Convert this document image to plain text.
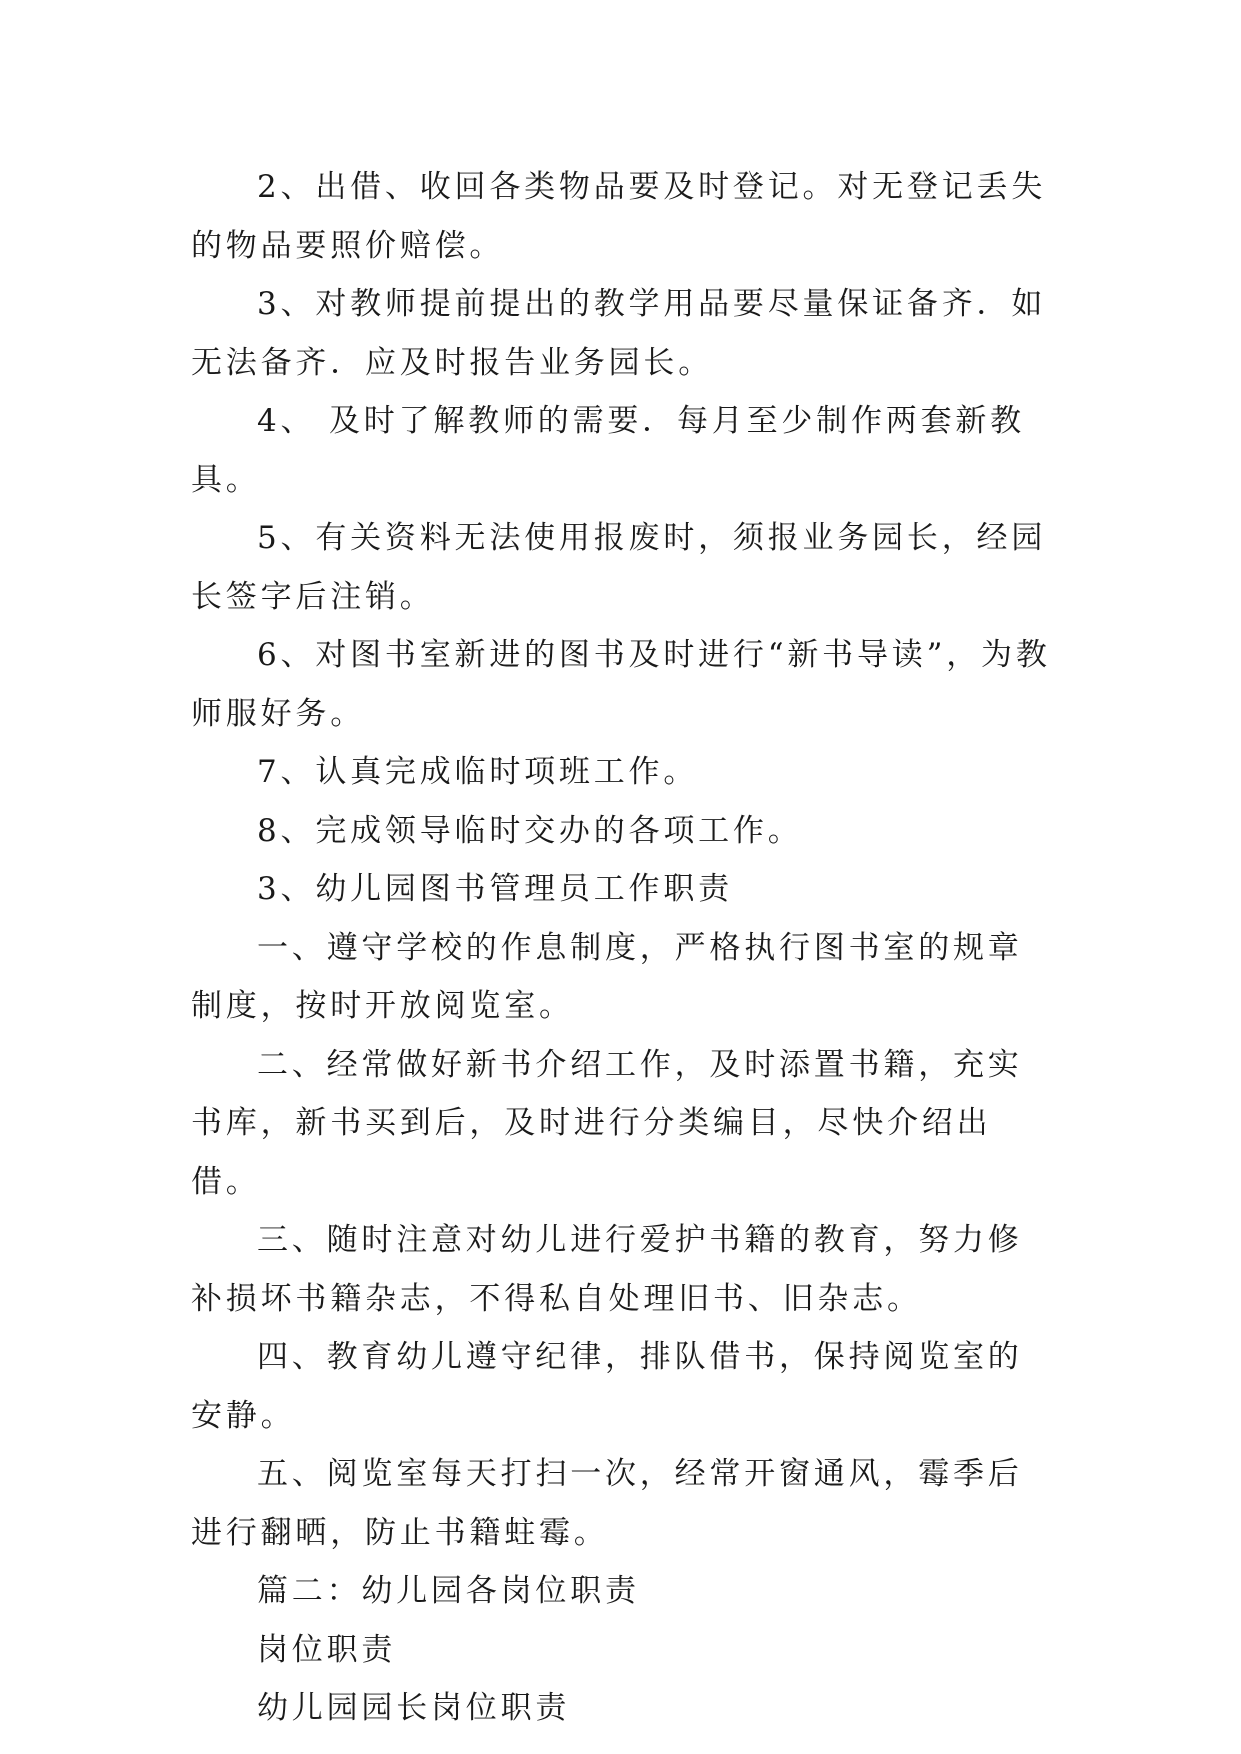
2、出借、收回各类物品要及时登记。对无登记丢失的物品要照价赔偿。

3、对教师提前提出的教学用品要尽量保证备齐．如无法备齐．应及时报告业务园长。

4、 及时了解教师的需要．每月至少制作两套新教具。

5、有关资料无法使用报废时，须报业务园长，经园长签字后注销。

6、对图书室新进的图书及时进行“新书导读”，为教师服好务。

7、认真完成临时项班工作。

8、完成领导临时交办的各项工作。

3、幼儿园图书管理员工作职责

一、遵守学校的作息制度，严格执行图书室的规章制度，按时开放阅览室。

二、经常做好新书介绍工作，及时添置书籍，充实书库，新书买到后，及时进行分类编目，尽快介绍出借。

三、随时注意对幼儿进行爱护书籍的教育，努力修补损坏书籍杂志，不得私自处理旧书、旧杂志。

四、教育幼儿遵守纪律，排队借书，保持阅览室的安静。

五、阅览室每天打扫一次，经常开窗通风，霉季后进行翻晒，防止书籍蛀霉。

篇二：幼儿园各岗位职责

岗位职责

幼儿园园长岗位职责
